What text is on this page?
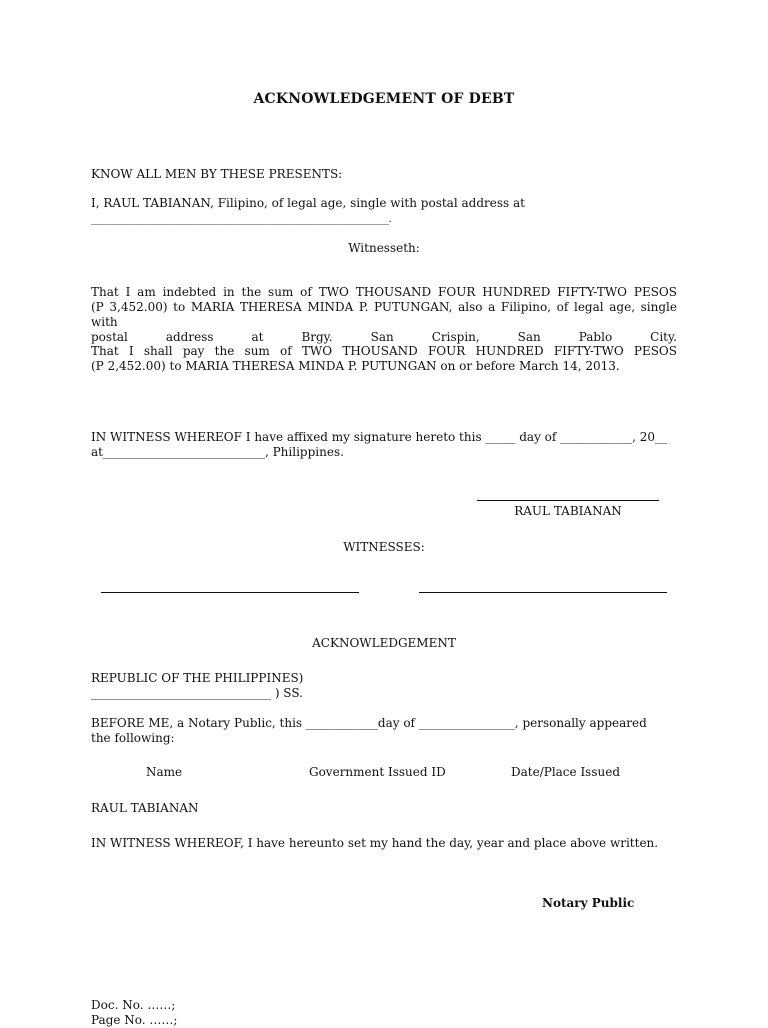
ACKNOWLEDGEMENT OF DEBT
KNOW ALL MEN BY THESE PRESENTS:
I, RAUL TABIANAN, Filipino, of legal age, single with postal address at
________________________________________________________________.
Witnesseth:
That I am indebted in the sum of TWO THOUSAND FOUR HUNDRED FIFTY-TWO PESOS
(P 3,452.00) to MARIA THERESA MINDA P. PUTUNGAN, also a Filipino, of legal age, single with
postal address at Brgy. San Crispin, San Pablo City.
That I shall pay the sum of TWO THOUSAND FOUR HUNDRED FIFTY-TWO PESOS
(P 2,452.00) to MARIA THERESA MINDA P. PUTUNGAN on or before March 14, 2013.
IN WITNESS WHEREOF I have affixed my signature hereto this _____ day of ____________, 20__
at___________________________, Philippines.
RAUL TABIANAN
WITNESSES:
ACKNOWLEDGEMENT
REPUBLIC OF THE PHILIPPINES)
______________________________ ) SS.
BEFORE ME, a Notary Public, this ____________day of ________________, personally appeared
the following:
Name	Government Issued ID	Date/Place Issued
RAUL TABIANAN
IN WITNESS WHEREOF, I have hereunto set my hand the day, year and place above written.
Notary Public
Doc. No. ……;
Page No. ……;
